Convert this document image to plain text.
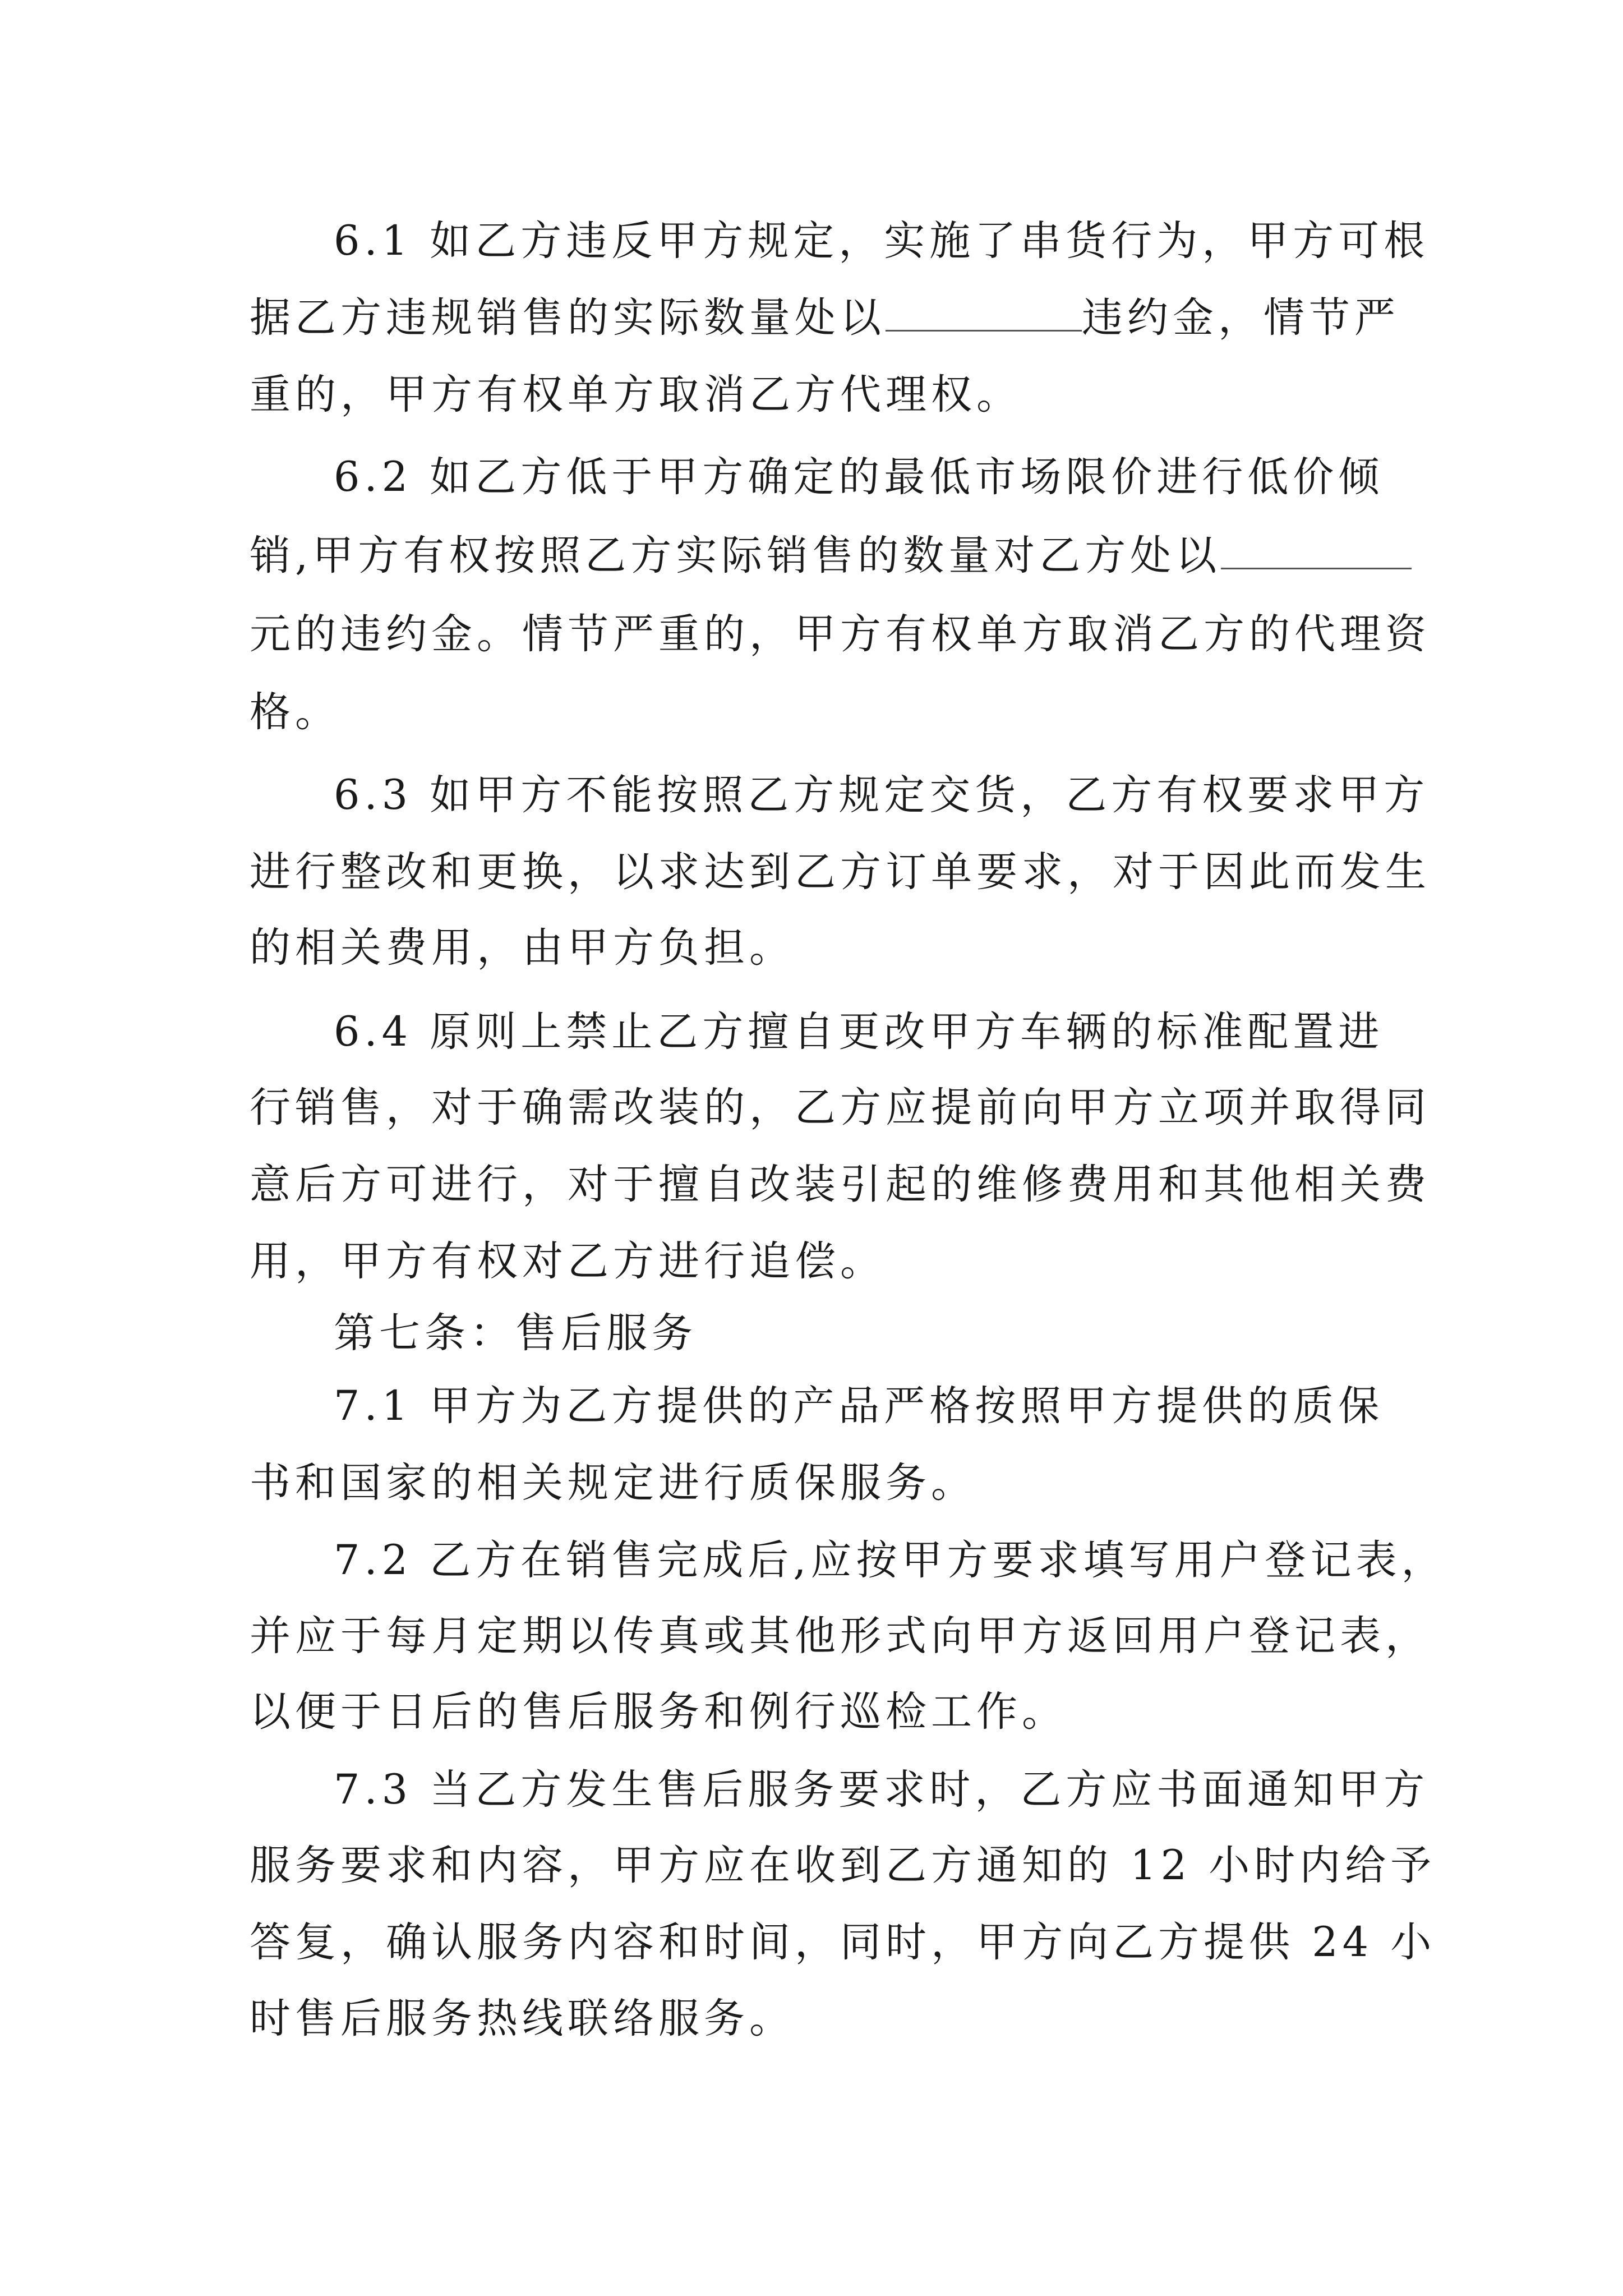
6.1 如乙方违反甲方规定，实施了串货行为，甲方可根
据乙方违规销售的实际数量处以	违约金，情节严
重的，甲方有权单方取消乙方代理权。
6.2 如乙方低于甲方确定的最低市场限价进行低价倾
销,甲方有权按照乙方实际销售的数量对乙方处以
元的违约金。情节严重的，甲方有权单方取消乙方的代理资
格。
6.3 如甲方不能按照乙方规定交货，乙方有权要求甲方
进行整改和更换，以求达到乙方订单要求，对于因此而发生
的相关费用，由甲方负担。
6.4 原则上禁止乙方擅自更改甲方车辆的标准配置进
行销售，对于确需改装的，乙方应提前向甲方立项并取得同
意后方可进行，对于擅自改装引起的维修费用和其他相关费
用，甲方有权对乙方进行追偿。
第七条：售后服务
7.1 甲方为乙方提供的产品严格按照甲方提供的质保
书和国家的相关规定进行质保服务。
7.2 乙方在销售完成后,应按甲方要求填写用户登记表，
并应于每月定期以传真或其他形式向甲方返回用户登记表，
以便于日后的售后服务和例行巡检工作。
7.3 当乙方发生售后服务要求时，乙方应书面通知甲方
服务要求和内容，甲方应在收到乙方通知的 12 小时内给予
答复，确认服务内容和时间，同时，甲方向乙方提供 24 小
时售后服务热线联络服务。
